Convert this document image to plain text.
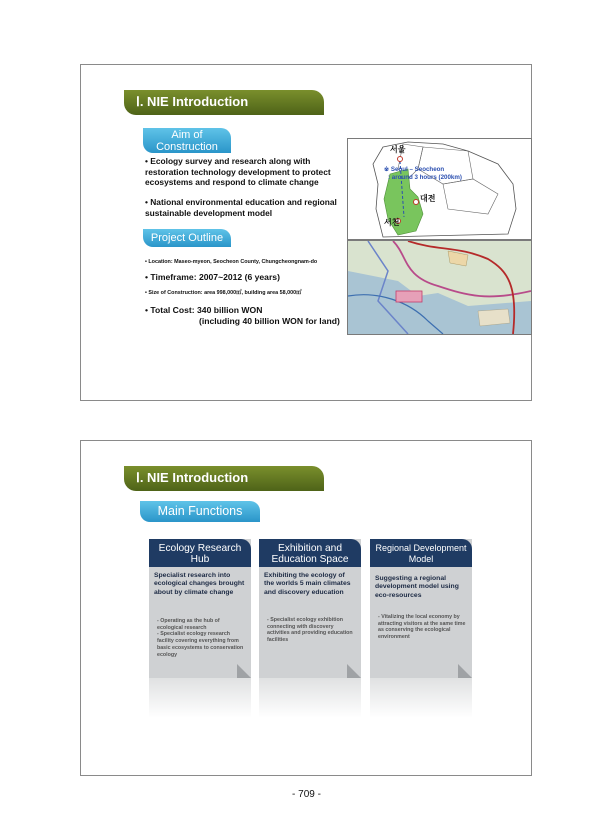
Ⅰ. NIE Introduction
Aim of Construction
• Ecology survey and research along with restoration technology development to protect ecosystems and respond to climate change
• National environmental education and regional sustainable development model
Project Outline
• Location: Maseo-myeon, Seocheon County, Chungcheongnam-do
• Timeframe: 2007~2012 (6 years)
• Size of Construction: area 998,000㎡, building area 58,000㎡
• Total Cost: 340 billion WON
(including 40 billion WON for land)
서울
※ Seoul – Seocheon
: around 3 hours (200km)
대전
서천
Ⅰ. NIE Introduction
Main Functions
Ecology Research Hub
Specialist research into ecological changes brought about by climate change
- Operating as the hub of ecological research
- Specialist ecology research facility covering everything from basic ecosystems to conservation ecology
Exhibition and Education Space
Exhibiting the ecology of the worlds 5 main climates and discovery education
- Specialist ecology exhibition connecting with discovery activities and providing education facilities
Regional Development Model
Suggesting a regional development model using eco-resources
- Vitalizing the local economy by attracting visitors at the same time as conserving the ecological environment
- 709 -
